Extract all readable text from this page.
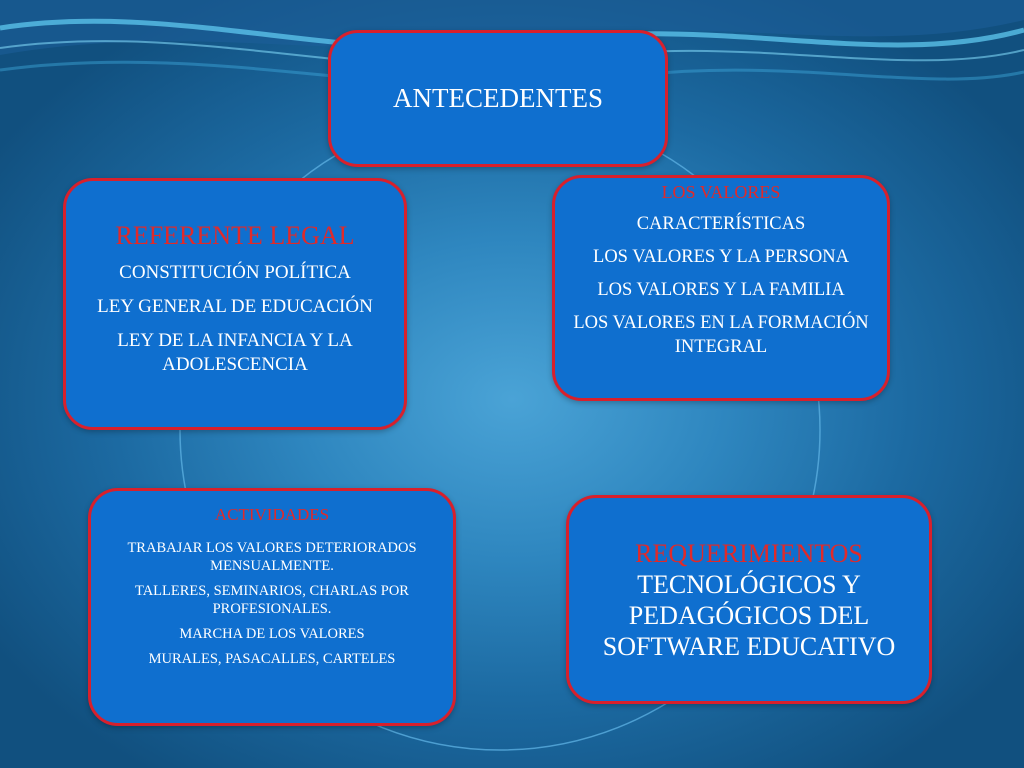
ANTECEDENTES

REFERENTE LEGAL

CONSTITUCIÓN POLÍTICA

LEY GENERAL DE EDUCACIÓN

LEY DE LA INFANCIA Y LA ADOLESCENCIA

LOS VALORES

CARACTERÍSTICAS

LOS VALORES Y LA PERSONA

LOS VALORES Y LA FAMILIA

LOS VALORES EN LA FORMACIÓN INTEGRAL

ACTIVIDADES

TRABAJAR LOS VALORES DETERIORADOS MENSUALMENTE.

TALLERES, SEMINARIOS, CHARLAS POR PROFESIONALES.

MARCHA DE LOS VALORES

MURALES, PASACALLES, CARTELES

REQUERIMIENTOS TECNOLÓGICOS Y PEDAGÓGICOS DEL SOFTWARE EDUCATIVO
